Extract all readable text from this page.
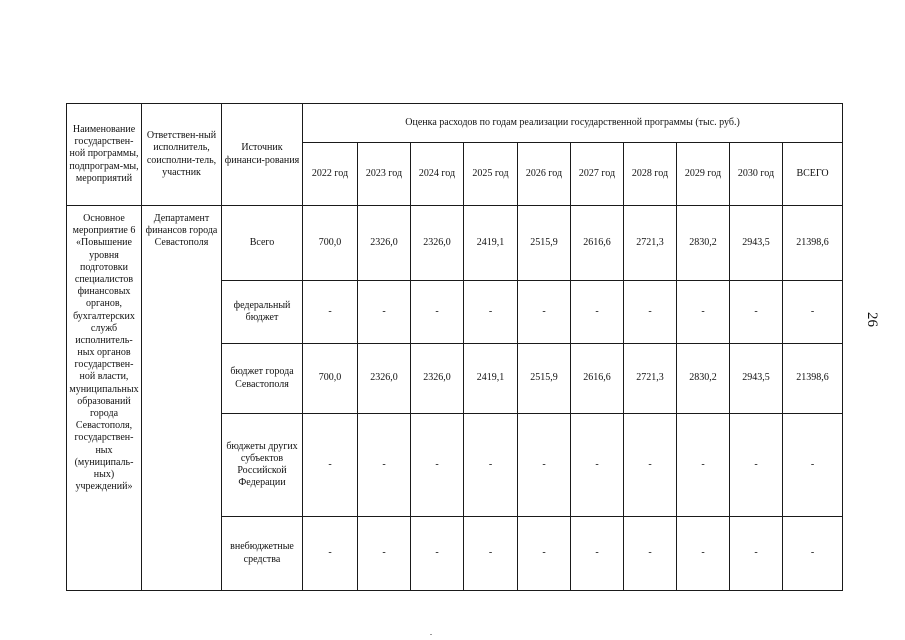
Наименование государствен-ной программы, подпрограм-мы, мероприятий	Ответствен-ный исполнитель, соисполни-тель, участник	Источник финанси-рования	Оценка расходов по годам реализации государственной программы (тыс. руб.)									
			2022 год	2023 год	2024 год	2025 год	2026 год	2027 год	2028 год	2029 год	2030 год	ВСЕГО
Основное мероприятие 6 «Повышение уровня подготовки специалистов финансовых органов, бухгалтерских служб исполнитель-ных органов государствен-ной власти, муниципальных образований города Севастополя, государствен-ных (муниципаль-ных) учреждений»	Департамент финансов города Севастополя	Всего	700,0	2326,0	2326,0	2419,1	2515,9	2616,6	2721,3	2830,2	2943,5	21398,6
		федеральный бюджет	-	-	-	-	-	-	-	-	-	-
		бюджет города Севастополя	700,0	2326,0	2326,0	2419,1	2515,9	2616,6	2721,3	2830,2	2943,5	21398,6
		бюджеты других субъектов Российской Федерации	-	-	-	-	-	-	-	-	-	-
		внебюджетные средства	-	-	-	-	-	-	-	-	-	-
26
